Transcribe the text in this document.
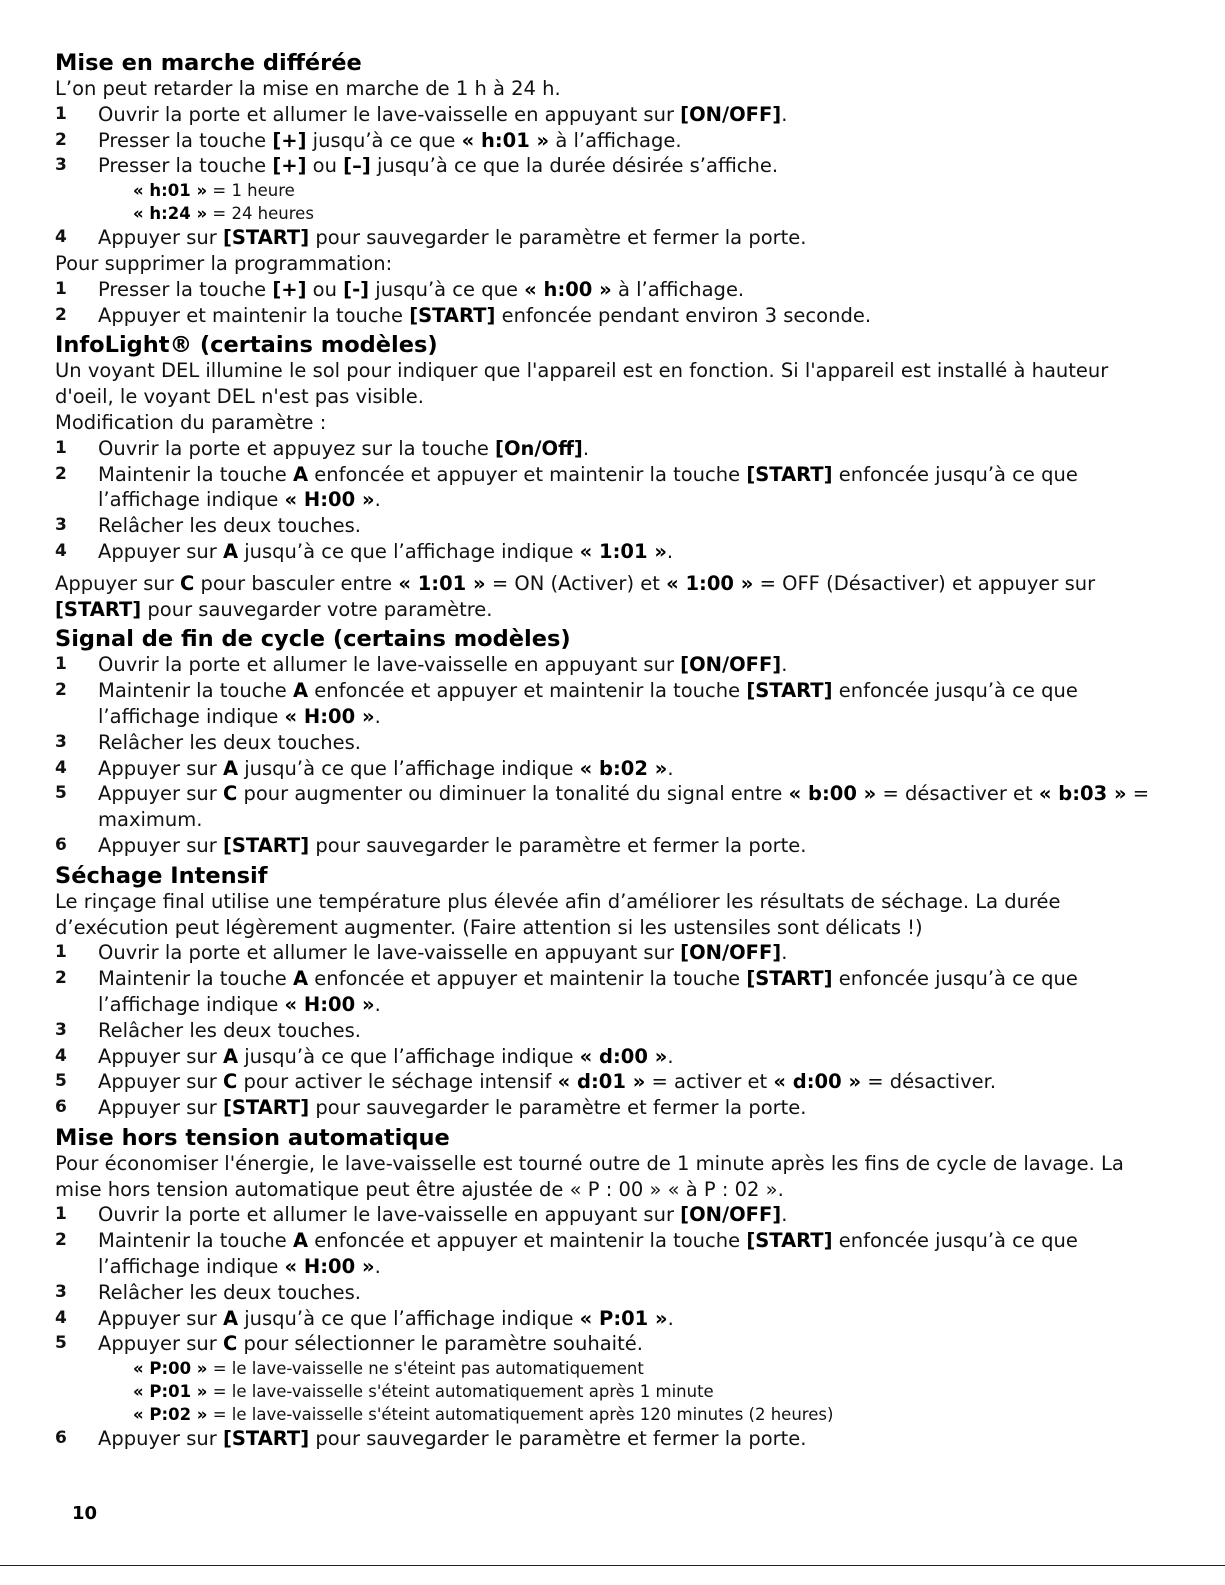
Mise en marche différée

L’on peut retarder la mise en marche de 1 h à 24 h.

1	Ouvrir la porte et allumer le lave-vaisselle en appuyant sur [ON/OFF].
2	Presser la touche [+] jusqu’à ce que « h:01 » à l’affichage.
3	Presser la touche [+] ou [–] jusqu’à ce que la durée désirée s’affiche.
« h:01 » = 1 heure
« h:24 » = 24 heures
4	Appuyer sur [START] pour sauvegarder le paramètre et fermer la porte.
Pour supprimer la programmation:
1	Presser la touche [+] ou [-] jusqu’à ce que « h:00 » à l’affichage.
2	Appuyer et maintenir la touche [START] enfoncée pendant environ 3 seconde.
InfoLight® (certains modèles)

Un voyant DEL illumine le sol pour indiquer que l'appareil est en fonction. Si l'appareil est installé à hauteur d'oeil, le voyant DEL n'est pas visible.

Modification du paramètre :

1	Ouvrir la porte et appuyez sur la touche [On/Off].
2	Maintenir la touche A enfoncée et appuyer et maintenir la touche [START] enfoncée jusqu’à ce que l’affichage indique « H:00 ».
3	Relâcher les deux touches.
4	Appuyer sur A jusqu’à ce que l’affichage indique « 1:01 ».

Appuyer sur C pour basculer entre « 1:01 » = ON (Activer) et « 1:00 » = OFF (Désactiver) et appuyer sur [START] pour sauvegarder votre paramètre.

Signal de fin de cycle (certains modèles)
1	Ouvrir la porte et allumer le lave-vaisselle en appuyant sur [ON/OFF].
2	Maintenir la touche A enfoncée et appuyer et maintenir la touche [START] enfoncée jusqu’à ce que l’affichage indique « H:00 ».
3	Relâcher les deux touches.
4	Appuyer sur A jusqu’à ce que l’affichage indique « b:02 ».
5	Appuyer sur C pour augmenter ou diminuer la tonalité du signal entre « b:00 » = désactiver et « b:03 » = maximum.
6	Appuyer sur [START] pour sauvegarder le paramètre et fermer la porte.
Séchage Intensif

Le rinçage final utilise une température plus élevée afin d’améliorer les résultats de séchage. La durée d’exécution peut légèrement augmenter. (Faire attention si les ustensiles sont délicats !)

1	Ouvrir la porte et allumer le lave-vaisselle en appuyant sur [ON/OFF].
2	Maintenir la touche A enfoncée et appuyer et maintenir la touche [START] enfoncée jusqu’à ce que l’affichage indique « H:00 ».
3	Relâcher les deux touches.
4	Appuyer sur A jusqu’à ce que l’affichage indique « d:00 ».
5	Appuyer sur C pour activer le séchage intensif « d:01 » = activer et « d:00 » = désactiver.
6	Appuyer sur [START] pour sauvegarder le paramètre et fermer la porte.
Mise hors tension automatique

Pour économiser l'énergie, le lave-vaisselle est tourné outre de 1 minute après les fins de cycle de lavage. La mise hors tension automatique peut être ajustée de « P : 00 » « à P : 02 ».

1	Ouvrir la porte et allumer le lave-vaisselle en appuyant sur [ON/OFF].
2	Maintenir la touche A enfoncée et appuyer et maintenir la touche [START] enfoncée jusqu’à ce que l’affichage indique « H:00 ».
3	Relâcher les deux touches.
4	Appuyer sur A jusqu’à ce que l’affichage indique « P:01 ».
5	Appuyer sur C pour sélectionner le paramètre souhaité.
« P:00 » = le lave-vaisselle ne s'éteint pas automatiquement
« P:01 » = le lave-vaisselle s'éteint automatiquement après 1 minute
« P:02 » = le lave-vaisselle s'éteint automatiquement après 120 minutes (2 heures)
6	Appuyer sur [START] pour sauvegarder le paramètre et fermer la porte.
10
